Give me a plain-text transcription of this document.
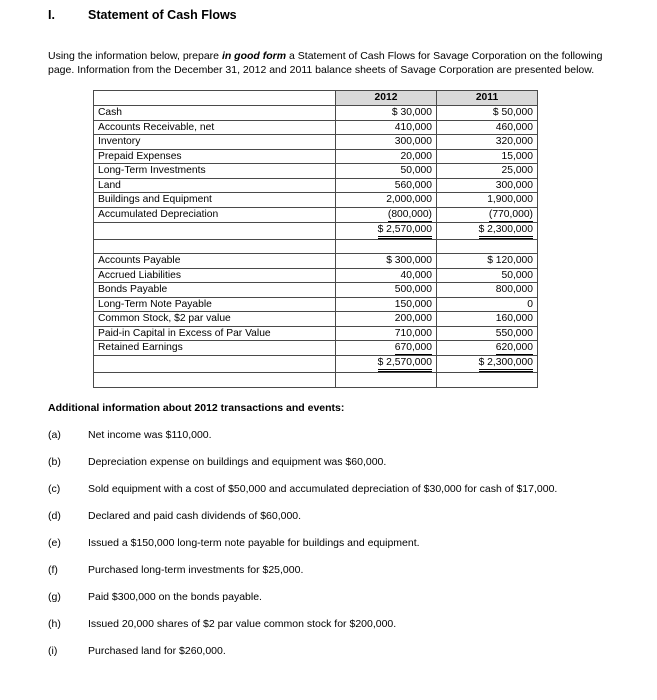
I.	Statement of Cash Flows

Using the information below, prepare in good form a Statement of Cash Flows for Savage Corporation on the following page. Information from the December 31, 2012 and 2011 balance sheets of Savage Corporation are presented below.

	2012	2011
Cash	$ 30,000	$ 50,000
Accounts Receivable, net	410,000	460,000
Inventory	300,000	320,000
Prepaid Expenses	20,000	15,000
Long-Term Investments	50,000	25,000
Land	560,000	300,000
Buildings and Equipment	2,000,000	1,900,000
Accumulated Depreciation	(800,000)	(770,000)
	$ 2,570,000	$ 2,300,000

Accounts Payable	$ 300,000	$ 120,000
Accrued Liabilities	40,000	50,000
Bonds Payable	500,000	800,000
Long-Term Note Payable	150,000	0
Common Stock, $2 par value	200,000	160,000
Paid-in Capital in Excess of Par Value	710,000	550,000
Retained Earnings	670,000	620,000
	$ 2,570,000	$ 2,300,000

Additional information about 2012 transactions and events:
(a)	Net income was $110,000.
(b)	Depreciation expense on buildings and equipment was $60,000.
(c)	Sold equipment with a cost of $50,000 and accumulated depreciation of $30,000 for cash of $17,000.
(d)	Declared and paid cash dividends of $60,000.
(e)	Issued a $150,000 long-term note payable for buildings and equipment.
(f)	Purchased long-term investments for $25,000.
(g)	Paid $300,000 on the bonds payable.
(h)	Issued 20,000 shares of $2 par value common stock for $200,000.
(i)	Purchased land for $260,000.
